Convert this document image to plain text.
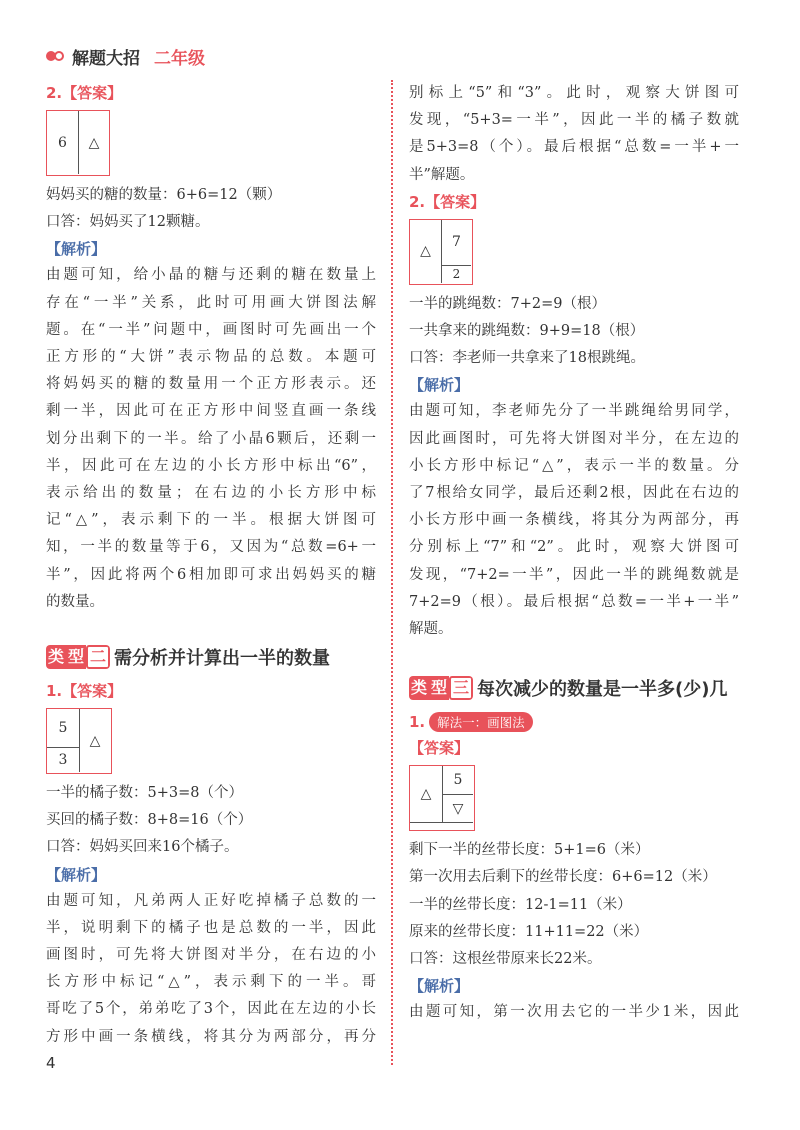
解题大招 二年级
2.【答案】
6	△
妈妈买的糖的数量：6+6=12（颗）
口答：妈妈买了12颗糖。
【解析】
由题可知，给小晶的糖与还剩的糖在数量上
存在“一半”关系，此时可用画大饼图法解
题。在“一半”问题中，画图时可先画出一个
正方形的“大饼”表示物品的总数。本题可
将妈妈买的糖的数量用一个正方形表示。还
剩一半，因此可在正方形中间竖直画一条线
划分出剩下的一半。给了小晶6颗后，还剩一
半，因此可在左边的小长方形中标出“6”，
表示给出的数量；在右边的小长方形中标
记“△”，表示剩下的一半。根据大饼图可
知，一半的数量等于6，又因为“总数=6+一
半”，因此将两个6相加即可求出妈妈买的糖
的数量。
类 型 二 需分析并计算出一半的数量
1.【答案】
5
3
△
一半的橘子数：5+3=8（个）
买回的橘子数：8+8=16（个）
口答：妈妈买回来16个橘子。
【解析】
由题可知，凡弟两人正好吃掉橘子总数的一
半，说明剩下的橘子也是总数的一半，因此
画图时，可先将大饼图对半分，在右边的小
长方形中标记“△”，表示剩下的一半。哥
哥吃了5个，弟弟吃了3个，因此在左边的小长
方形中画一条横线，将其分为两部分，再分
别标上“5”和“3”。此时，观察大饼图可
发现，“5+3=一半”，因此一半的橘子数就
是5+3=8（个）。最后根据“总数=一半+一
半”解题。
2.【答案】
△
7
2
一半的跳绳数：7+2=9（根）
一共拿来的跳绳数：9+9=18（根）
口答：李老师一共拿来了18根跳绳。
【解析】
由题可知，李老师先分了一半跳绳给男同学，
因此画图时，可先将大饼图对半分，在左边的
小长方形中标记“△”，表示一半的数量。分
了7根给女同学，最后还剩2根，因此在右边的
小长方形中画一条横线，将其分为两部分，再
分别标上“7”和“2”。此时，观察大饼图可
发现，“7+2=一半”，因此一半的跳绳数就是
7+2=9（根）。最后根据“总数=一半+一半”
解题。
类 型 三 每次减少的数量是一半多(少)几
1. 解法一：画图法
【答案】
△
5
▽
剩下一半的丝带长度：5+1=6（米）
第一次用去后剩下的丝带长度：6+6=12（米）
一半的丝带长度：12-1=11（米）
原来的丝带长度：11+11=22（米）
口答：这根丝带原来长22米。
【解析】
由题可知，第一次用去它的一半少1米，因此
4
